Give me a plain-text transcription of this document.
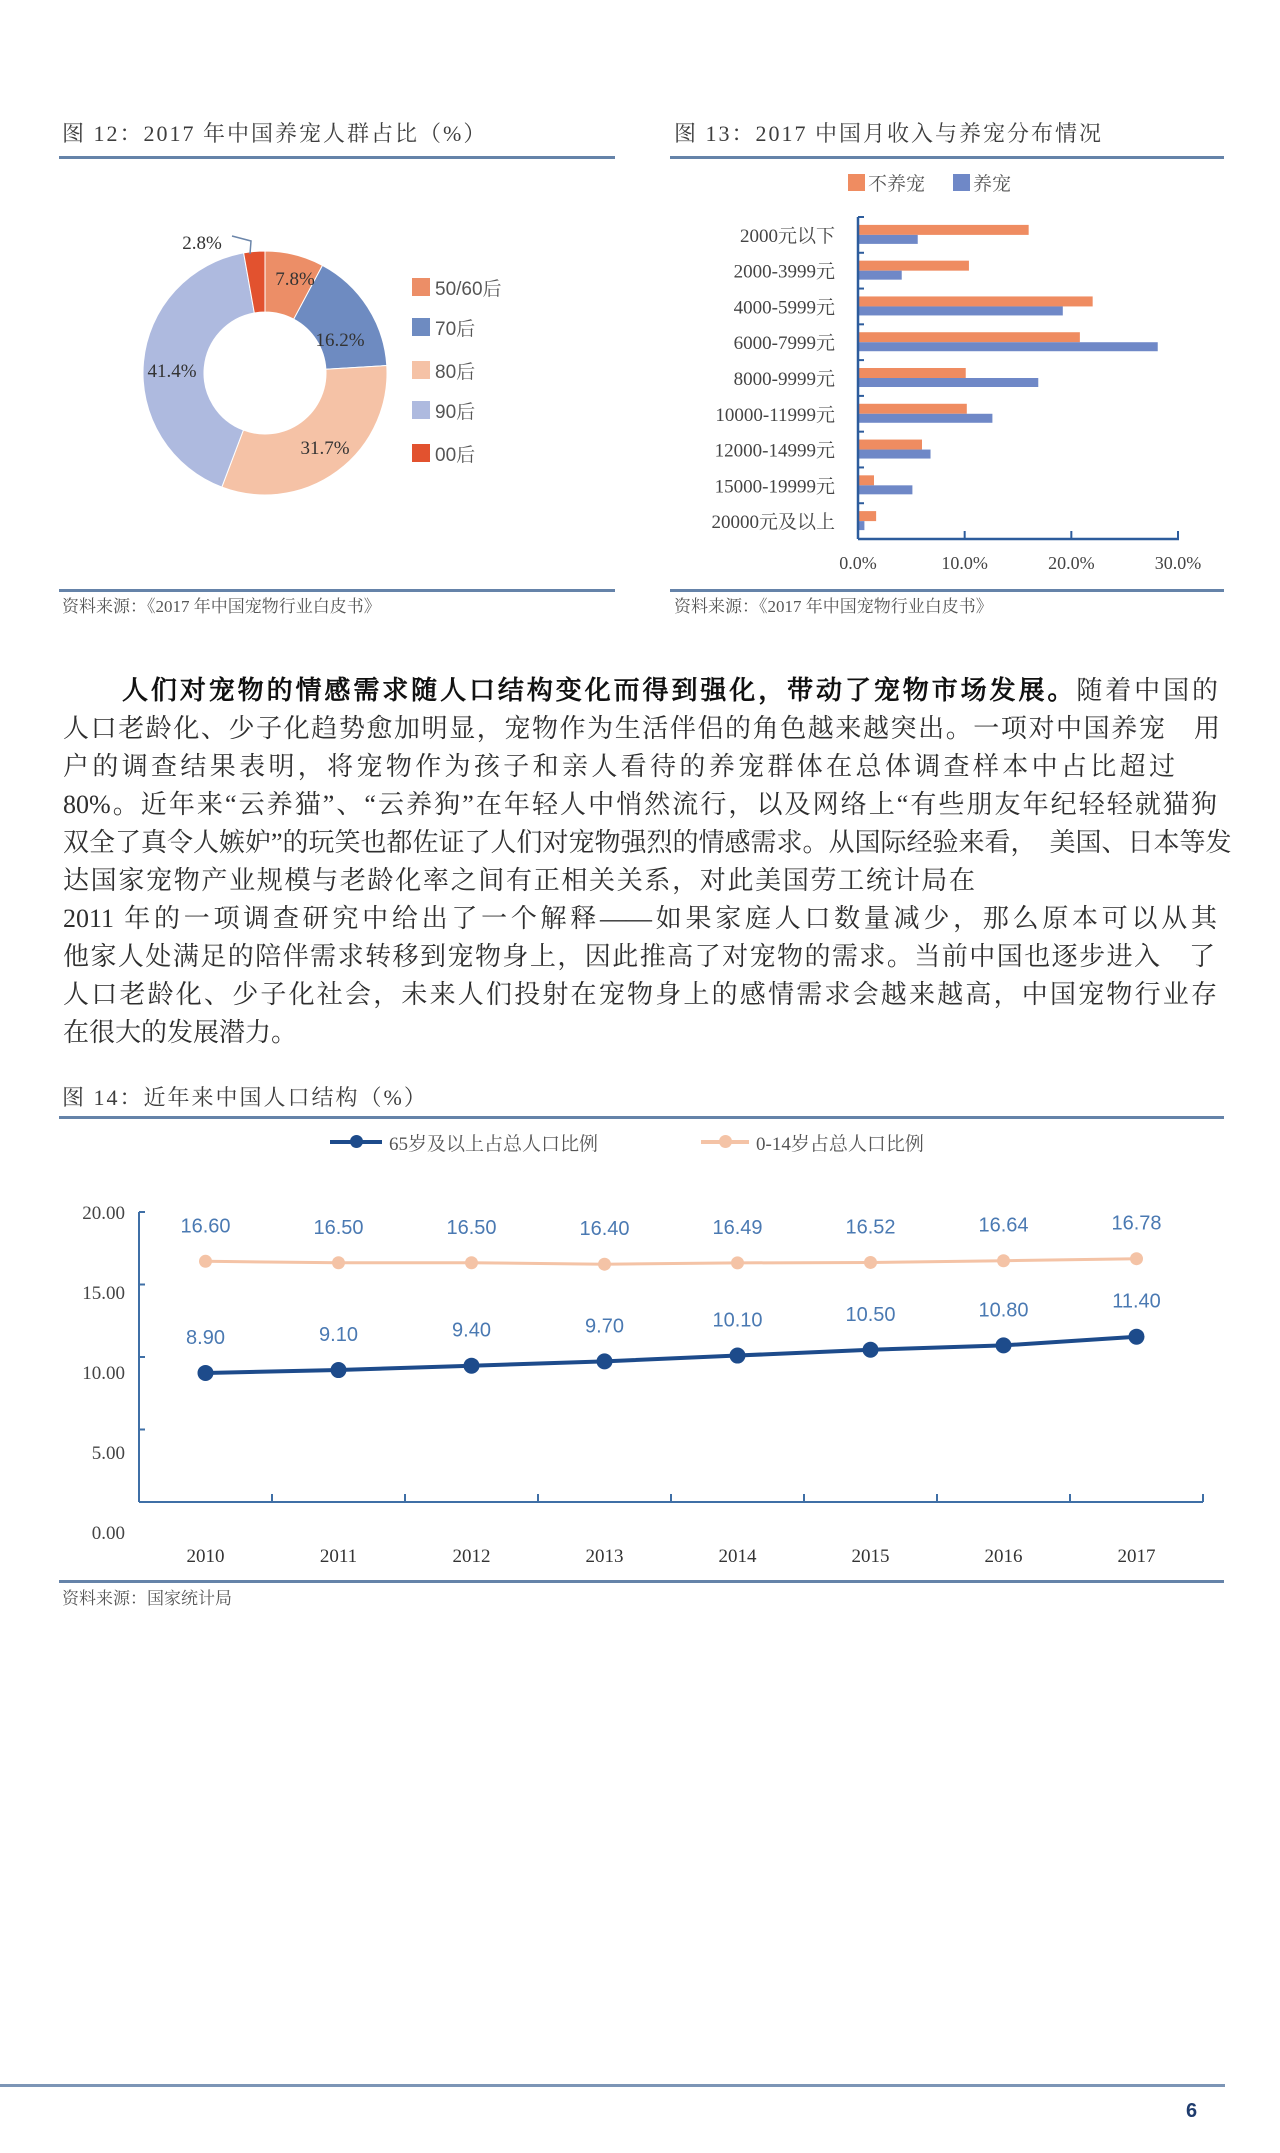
图 12：2017 年中国养宠人群占比（%）
50/60后
70后
80后
90后
00后
资料来源：《2017 年中国宠物行业白皮书》
图 13：2017 中国月收入与养宠分布情况
不养宠	养宠
资料来源：《2017 年中国宠物行业白皮书》
人们对宠物的情感需求随人口结构变化而得到强化，带动了宠物市场发展。随着中国的
人口老龄化、少子化趋势愈加明显，宠物作为生活伴侣的角色越来越突出。一项对中国养宠　用
户的调查结果表明，将宠物作为孩子和亲人看待的养宠群体在总体调查样本中占比超过
80%。近年来“云养猫”、“云养狗”在年轻人中悄然流行，以及网络上“有些朋友年纪轻轻就猫狗
双全了真令人嫉妒”的玩笑也都佐证了人们对宠物强烈的情感需求。从国际经验来看，　美国、日本等发
达国家宠物产业规模与老龄化率之间有正相关关系，对此美国劳工统计局在
2011 年的一项调查研究中给出了一个解释——如果家庭人口数量减少，那么原本可以从其
他家人处满足的陪伴需求转移到宠物身上，因此推高了对宠物的需求。当前中国也逐步进入　了
人口老龄化、少子化社会，未来人们投射在宠物身上的感情需求会越来越高，中国宠物行业存
在很大的发展潜力。
图 14：近年来中国人口结构（%）
65岁及以上占总人口比例	0-14岁占总人口比例
资料来源：国家统计局
7.8%
16.2%
31.7%
41.4%
2.8%	2000元以下
2000-3999元
4000-5999元
6000-7999元
8000-9999元
10000-11999元
12000-14999元
15000-19999元
20000元及以上
0.0%	10.0%	20.0%	30.0%
0.00
5.00
10.00
15.00
20.00
2010	2011	2012	2013	2014	2015	2016	2017
8.90	9.10	9.40	9.70	10.10	10.50	10.80	11.40
16.60	16.50	16.50	16.40	16.49	16.52	16.64	16.78
6
